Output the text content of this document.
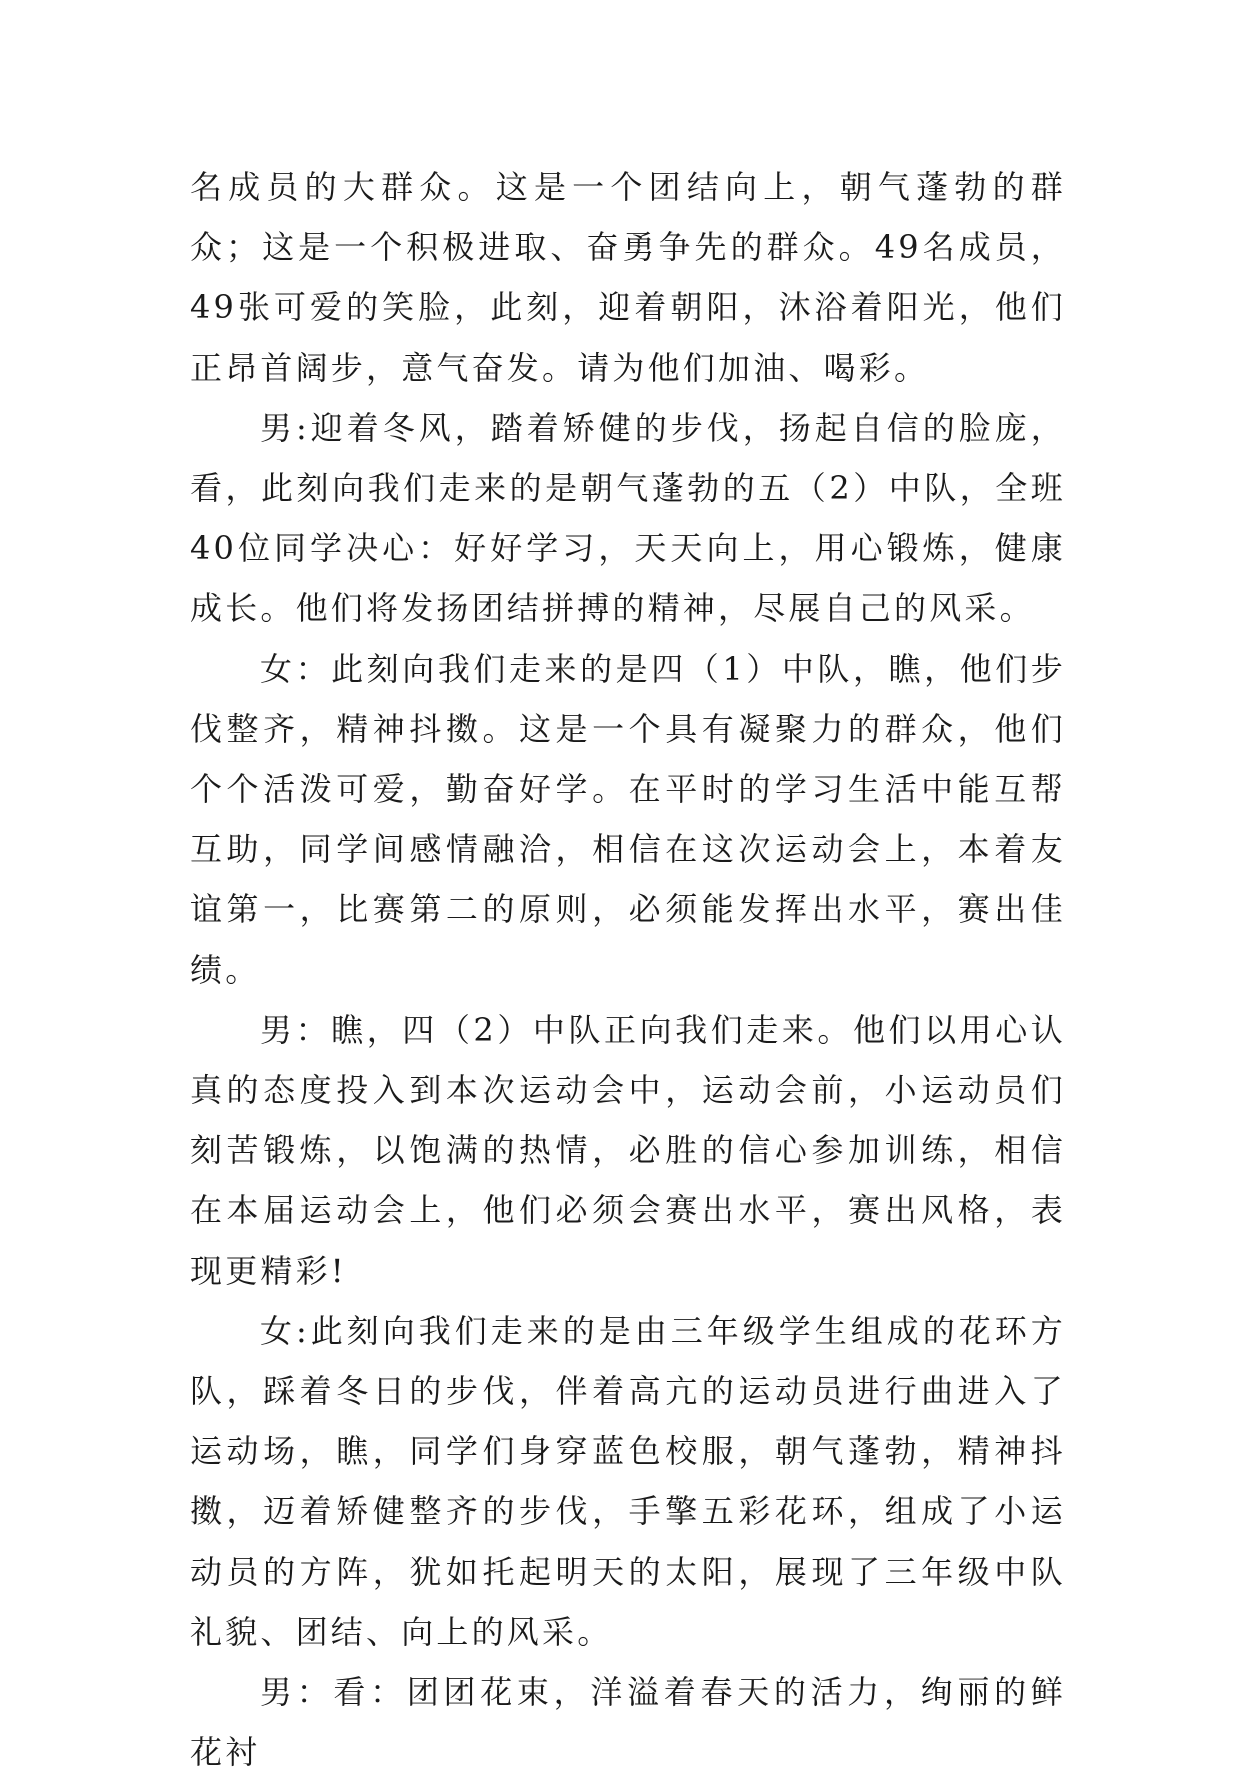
名成员的大群众。这是一个团结向上，朝气蓬勃的群众；这是一个积极进取、奋勇争先的群众。49名成员，49张可爱的笑脸，此刻，迎着朝阳，沐浴着阳光，他们正昂首阔步，意气奋发。请为他们加油、喝彩。

男:迎着冬风，踏着矫健的步伐，扬起自信的脸庞，看，此刻向我们走来的是朝气蓬勃的五（2）中队，全班40位同学决心：好好学习，天天向上，用心锻炼，健康成长。他们将发扬团结拼搏的精神，尽展自己的风采。

女：此刻向我们走来的是四（1）中队，瞧，他们步伐整齐，精神抖擞。这是一个具有凝聚力的群众，他们个个活泼可爱，勤奋好学。在平时的学习生活中能互帮互助，同学间感情融洽，相信在这次运动会上，本着友谊第一，比赛第二的原则，必须能发挥出水平，赛出佳绩。

男：瞧，四（2）中队正向我们走来。他们以用心认真的态度投入到本次运动会中，运动会前，小运动员们刻苦锻炼，以饱满的热情，必胜的信心参加训练，相信在本届运动会上，他们必须会赛出水平，赛出风格，表现更精彩!

女:此刻向我们走来的是由三年级学生组成的花环方队，踩着冬日的步伐，伴着高亢的运动员进行曲进入了运动场，瞧，同学们身穿蓝色校服，朝气蓬勃，精神抖擞，迈着矫健整齐的步伐，手擎五彩花环，组成了小运动员的方阵，犹如托起明天的太阳，展现了三年级中队礼貌、团结、向上的风采。

男：看：团团花束，洋溢着春天的活力，绚丽的鲜花衬
